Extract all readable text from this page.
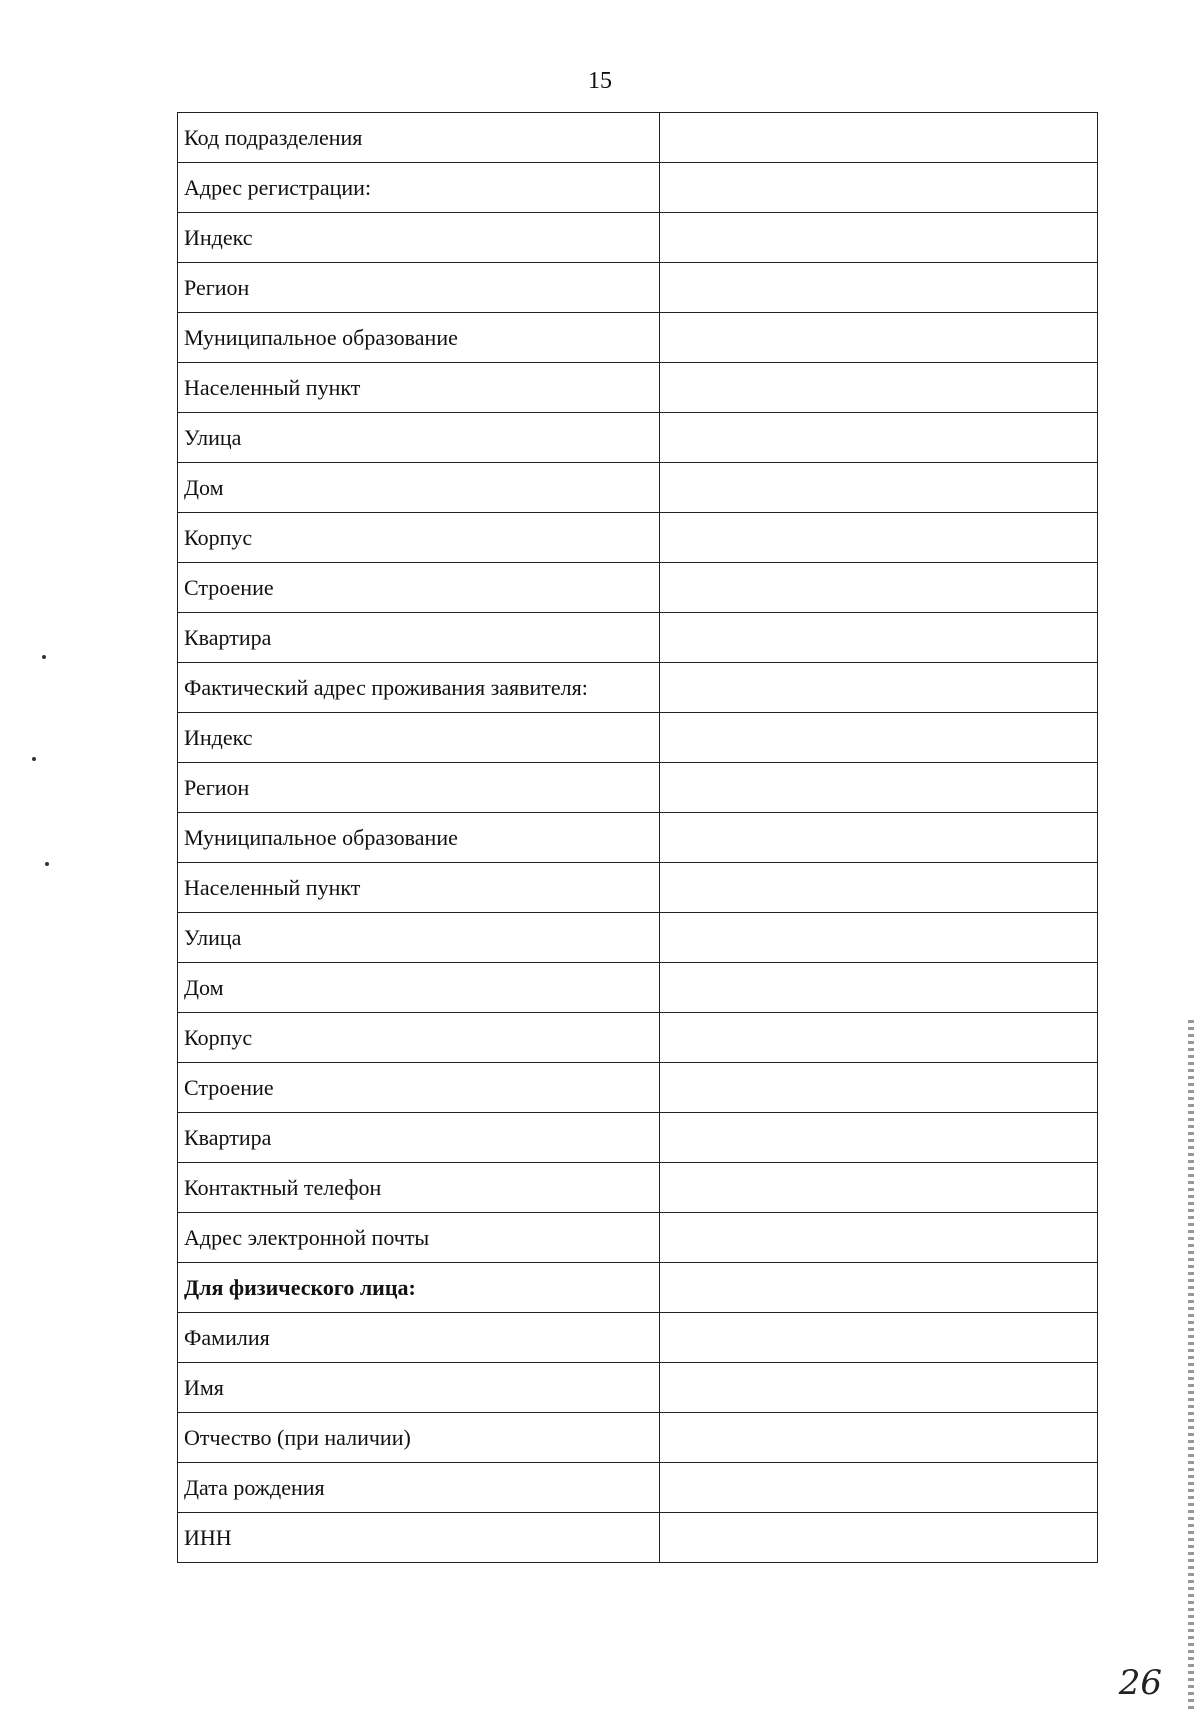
15
Код подразделения	
Адрес регистрации:	
Индекс	
Регион	
Муниципальное образование	
Населенный пункт	
Улица	
Дом	
Корпус	
Строение	
Квартира	
Фактический адрес проживания заявителя:	
Индекс	
Регион	
Муниципальное образование	
Населенный пункт	
Улица	
Дом	
Корпус	
Строение	
Квартира	
Контактный телефон	
Адрес электронной почты	
Для физического лица:	
Фамилия	
Имя	
Отчество (при наличии)	
Дата рождения	
ИНН	
26
